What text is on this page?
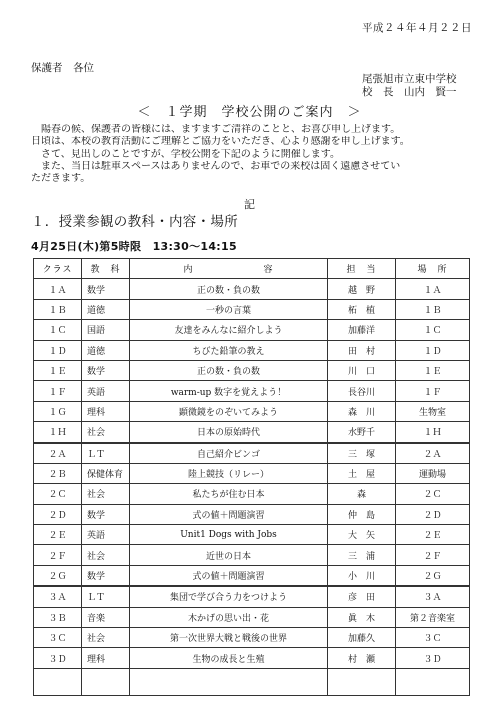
平成２４年４月２２日
保護者　各位
尾張旭市立東中学校
校　長　山内　賢一
＜　１学期　学校公開のご案内　＞

　陽春の候、保護者の皆様には、ますますご清祥のことと、お喜び申し上げます。

日頃は、本校の教育活動にご理解とご協力をいただき、心より感謝を申し上げます。

　さて、見出しのことですが、学校公開を下記のように開催します。

　また、当日は駐車スペースはありませんので、お車での来校は固く遠慮させてい

ただきます。

記
１．授業参観の教科・内容・場所
4月25日(木)第5時限　13:30～14:15
クラス	教　科	内　　　　　　　容	担　当	場　所
１Ａ	数学	正の数・負の数	越　野	１Ａ
１Ｂ	道徳	一秒の言葉	柘　植	１Ｂ
１Ｃ	国語	友達をみんなに紹介しよう	加藤洋	１Ｃ
１Ｄ	道徳	ちびた鉛筆の教え	田　村	１Ｄ
１Ｅ	数学	正の数・負の数	川　口	１Ｅ
１Ｆ	英語	warm-up 数字を覚えよう！	長谷川	１Ｆ
１Ｇ	理科	顕微鏡をのぞいてみよう	森　川	生物室
１Ｈ	社会	日本の原始時代	水野千	１Ｈ
２Ａ	ＬＴ	自己紹介ビンゴ	三　塚	２Ａ
２Ｂ	保健体育	陸上競技（リレー）	土　屋	運動場
２Ｃ	社会	私たちが住む日本	森	２Ｃ
２Ｄ	数学	式の値＋問題演習	仲　島	２Ｄ
２Ｅ	英語	Unit1 Dogs with Jobs	大　矢	２Ｅ
２Ｆ	社会	近世の日本	三　浦	２Ｆ
２Ｇ	数学	式の値＋問題演習	小　川	２Ｇ
３Ａ	ＬＴ	集団で学び合う力をつけよう	彦　田	３Ａ
３Ｂ	音楽	木かげの思い出・花	眞　木	第２音楽室
３Ｃ	社会	第一次世界大戦と戦後の世界	加藤久	３Ｃ
３Ｄ	理科	生物の成長と生殖	村　瀬	３Ｄ
